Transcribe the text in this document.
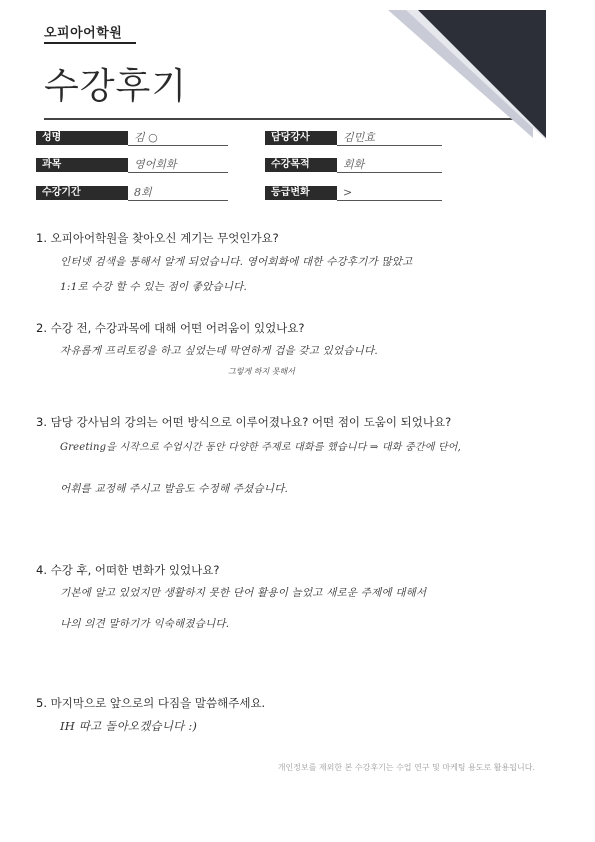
오피아어학원
수강후기
성명	김 ○	담당강사	김민효
과목	영어회화	수강목적	회화
수강기간	8회	등급변화	>
1. 오피아어학원을 찾아오신 계기는 무엇인가요?
인터넷 검색을 통해서 알게 되었습니다. 영어회화에 대한 수강후기가 많았고
1:1로 수강 할 수 있는 점이 좋았습니다.
2. 수강 전, 수강과목에 대해 어떤 어려움이 있었나요?
자유롭게 프리토킹을 하고 싶었는데 막연하게 겁을 갖고 있었습니다.
그렇게 하지 못해서
3. 담당 강사님의 강의는 어떤 방식으로 이루어졌나요? 어떤 점이 도움이 되었나요?
Greeting을 시작으로 수업시간 동안 다양한 주제로 대화를 했습니다 ⇒ 대화 중간에 단어,
어휘를 교정해 주시고 발음도 수정해 주셨습니다.
4. 수강 후, 어떠한 변화가 있었나요?
기본에 알고 있었지만 생활하지 못한 단어 활용이 늘었고 새로운 주제에 대해서
나의 의견 말하기가 익숙해졌습니다.
5. 마지막으로 앞으로의 다짐을 말씀해주세요.
IH 따고 돌아오겠습니다 :)
개인정보를 제외한 본 수강후기는 수업 연구 및 마케팅 용도로 활용됩니다.
